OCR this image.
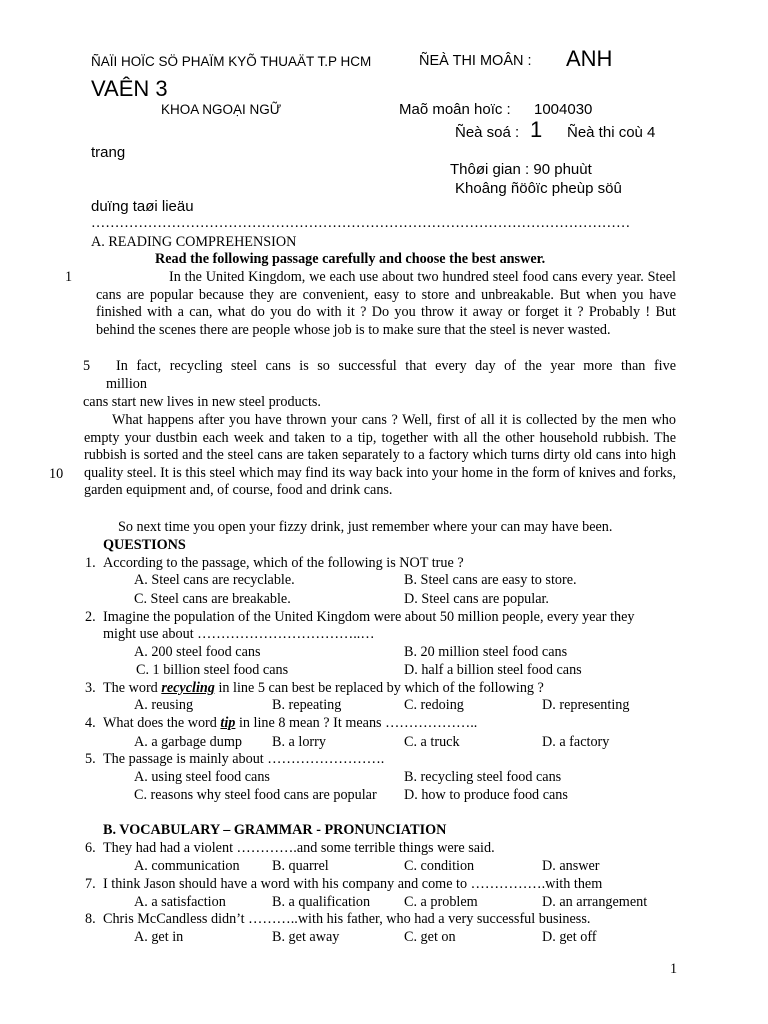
ÑAÏI HOÏC SÖ PHAÏM KYÕ THUAÄT T.P HCM	ÑEÀ THI MOÂN : ANH
VAÊN 3
KHOA NGOẠI NGỮ	Maõ moân hoïc : 1004030
Ñeà soá : 1 Ñeà thi coù 4
trang
Thôøi gian : 90 phuùt
Khoâng ñöôïc pheùp söû
duïng taøi lieäu
……………………………………………………………………………………………………
A. READING COMPREHENSION
Read the following passage carefully and choose the best answer.
1	In the United Kingdom, we each use about two hundred steel food cans every year. Steel cans are popular because they are convenient, easy to store and unbreakable. But when you have finished with a can, what do you do with it ? Do you throw it away or forget it ? Probably ! But behind the scenes there are people whose job is to make sure that the steel is never wasted.
5 In fact, recycling steel cans is so successful that every day of the year more than five
million
cans start new lives in new steel products.
10
What happens after you have thrown your cans ? Well, first of all it is collected by the men who empty your dustbin each week and taken to a tip, together with all the other household rubbish. The rubbish is sorted and the steel cans are taken separately to a factory which turns dirty old cans into high quality steel. It is this steel which may find its way back into your home in the form of knives and forks, garden equipment and, of course, food and drink cans.
So next time you open your fizzy drink, just remember where your can may have been.
QUESTIONS
1. According to the passage, which of the following is NOT true ?
A. Steel cans are recyclable.	B. Steel cans are easy to store.
C. Steel cans are breakable.	D. Steel cans are popular.
2. Imagine the population of the United Kingdom were about 50 million people, every year they
might use about ……………………………..…
A. 200 steel food cans	B. 20 million steel food cans
C. 1 billion steel food cans	D. half a billion steel food cans
3. The word recycling in line 5 can best be replaced by which of the following ?
A. reusing	B. repeating	C. redoing	D. representing
4. What does the word tip in line 8 mean ? It means ………………..
A. a garbage dump B. a lorry	C. a truck	D. a factory
5. The passage is mainly about …………………….
A. using steel food cans	B. recycling steel food cans
C. reasons why steel food cans are popular D. how to produce food cans
B. VOCABULARY – GRAMMAR - PRONUNCIATION
6. They had had a violent ………….and some terrible things were said.
A. communication B. quarrel	C. condition	D. answer
7. I think Jason should have a word with his company and come to …………….with them
A. a satisfaction	B. a qualification C. a problem	D. an arrangement
8. Chris McCandless didn’t ………..with his father, who had a very successful business.
A. get in	B. get away	C. get on	D. get off
1
